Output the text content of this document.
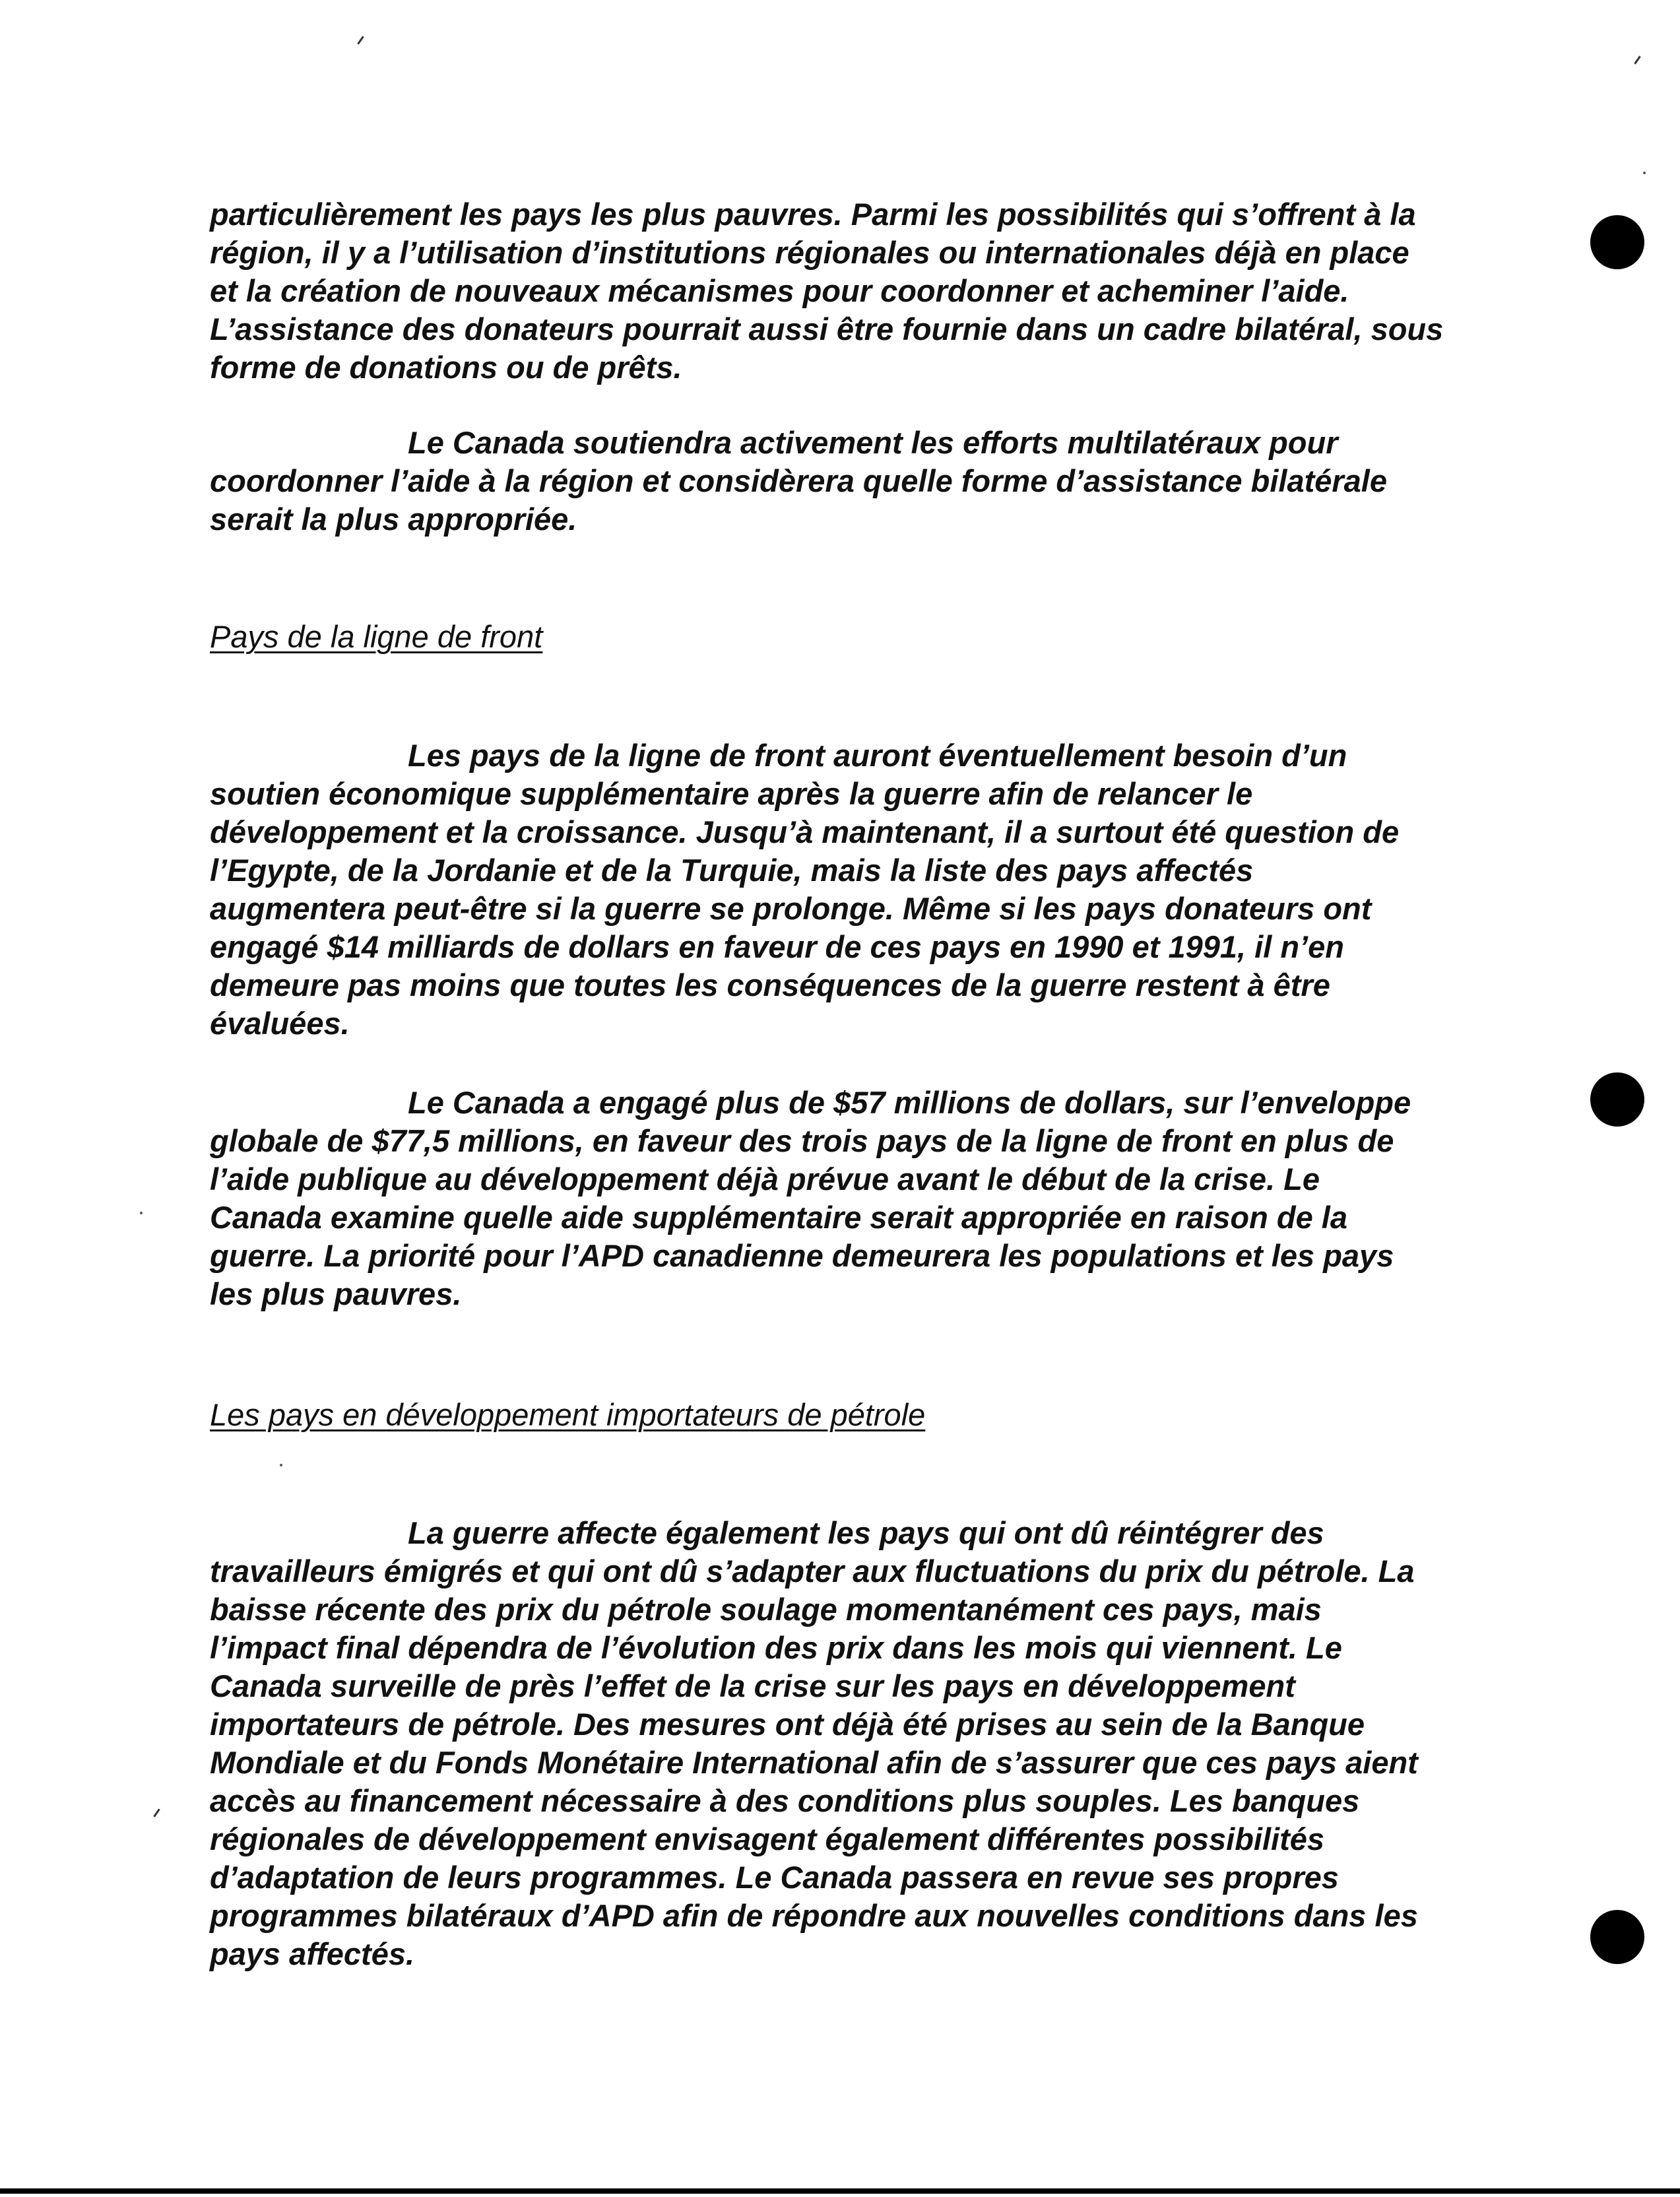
particulièrement les pays les plus pauvres. Parmi les possibilités qui s’offrent à la
région, il y a l’utilisation d’institutions régionales ou internationales déjà en place
et la création de nouveaux mécanismes pour coordonner et acheminer l’aide.
L’assistance des donateurs pourrait aussi être fournie dans un cadre bilatéral, sous
forme de donations ou de prêts.
Le Canada soutiendra activement les efforts multilatéraux pour
coordonner l’aide à la région et considèrera quelle forme d’assistance bilatérale
serait la plus appropriée.
Pays de la ligne de front
Les pays de la ligne de front auront éventuellement besoin d’un
soutien économique supplémentaire après la guerre afin de relancer le
développement et la croissance. Jusqu’à maintenant, il a surtout été question de
l’Egypte, de la Jordanie et de la Turquie, mais la liste des pays affectés
augmentera peut-être si la guerre se prolonge. Même si les pays donateurs ont
engagé $14 milliards de dollars en faveur de ces pays en 1990 et 1991, il n’en
demeure pas moins que toutes les conséquences de la guerre restent à être
évaluées.
Le Canada a engagé plus de $57 millions de dollars, sur l’enveloppe
globale de $77,5 millions, en faveur des trois pays de la ligne de front en plus de
l’aide publique au développement déjà prévue avant le début de la crise. Le
Canada examine quelle aide supplémentaire serait appropriée en raison de la
guerre. La priorité pour l’APD canadienne demeurera les populations et les pays
les plus pauvres.
Les pays en développement importateurs de pétrole
La guerre affecte également les pays qui ont dû réintégrer des
travailleurs émigrés et qui ont dû s’adapter aux fluctuations du prix du pétrole. La
baisse récente des prix du pétrole soulage momentanément ces pays, mais
l’impact final dépendra de l’évolution des prix dans les mois qui viennent. Le
Canada surveille de près l’effet de la crise sur les pays en développement
importateurs de pétrole. Des mesures ont déjà été prises au sein de la Banque
Mondiale et du Fonds Monétaire International afin de s’assurer que ces pays aient
accès au financement nécessaire à des conditions plus souples. Les banques
régionales de développement envisagent également différentes possibilités
d’adaptation de leurs programmes. Le Canada passera en revue ses propres
programmes bilatéraux d’APD afin de répondre aux nouvelles conditions dans les
pays affectés.
